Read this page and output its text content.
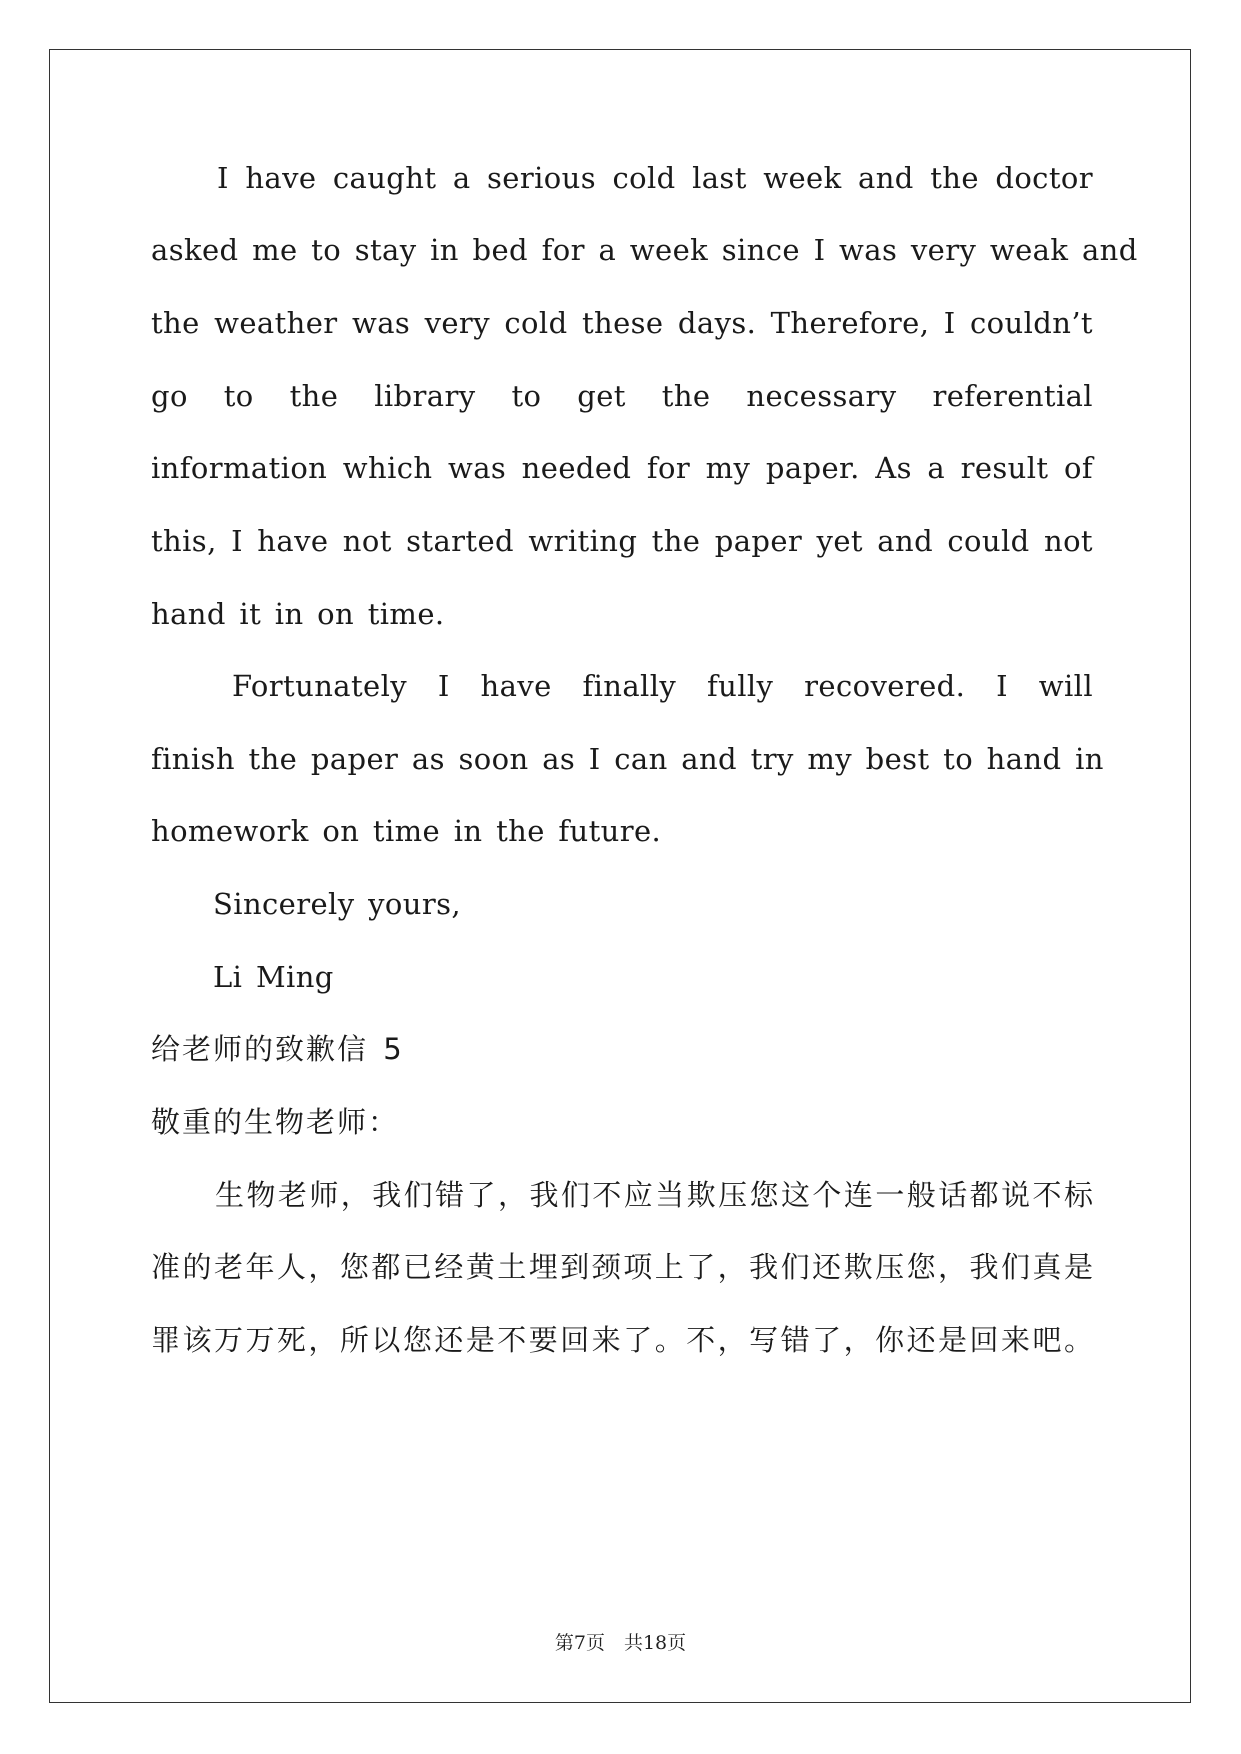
I have caught a serious cold last week and the doctor
asked me to stay in bed for a week since I was very weak and
the weather was very cold these days. Therefore, I couldn’t
go to the library to get the necessary referential
information which was needed for my paper. As a result of
this, I have not started writing the paper yet and could not
hand it in on time.
Fortunately I have finally fully recovered. I will
finish the paper as soon as I can and try my best to hand in
homework on time in the future.
Sincerely yours,
Li Ming
给老师的致歉信 5
敬重的生物老师：
生物老师，我们错了，我们不应当欺压您这个连一般话都说不标
准的老年人，您都已经黄土埋到颈项上了，我们还欺压您，我们真是
罪该万万死，所以您还是不要回来了。不，写错了，你还是回来吧。
第7页　共18页
